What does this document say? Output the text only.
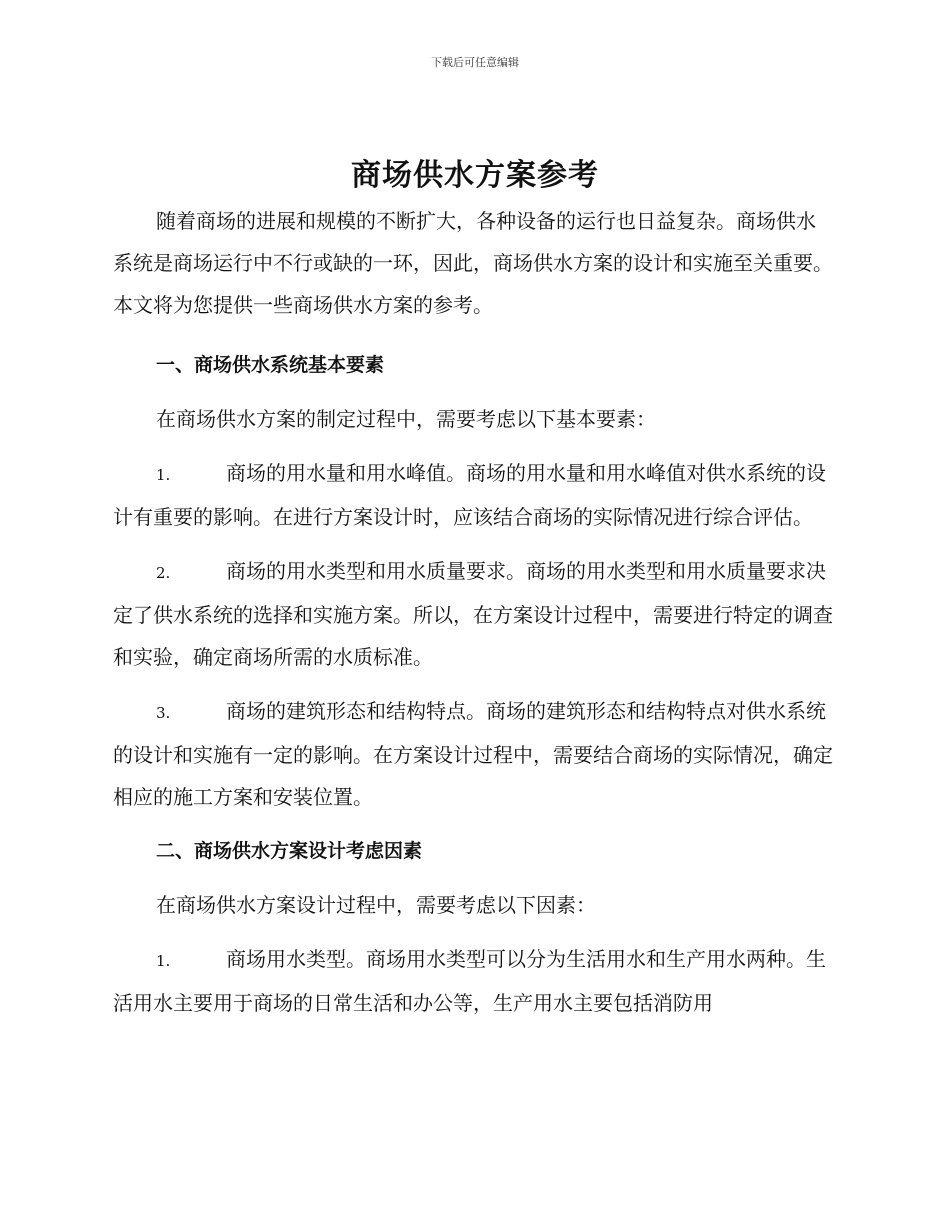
下载后可任意编辑
商场供水方案参考

随着商场的进展和规模的不断扩大，各种设备的运行也日益复杂。商场供水系统是商场运行中不行或缺的一环，因此，商场供水方案的设计和实施至关重要。本文将为您提供一些商场供水方案的参考。

一、商场供水系统基本要素

在商场供水方案的制定过程中，需要考虑以下基本要素：

1.	商场的用水量和用水峰值。商场的用水量和用水峰值对供水系统的设计有重要的影响。在进行方案设计时，应该结合商场的实际情况进行综合评估。

2.	商场的用水类型和用水质量要求。商场的用水类型和用水质量要求决定了供水系统的选择和实施方案。所以，在方案设计过程中，需要进行特定的调查和实验，确定商场所需的水质标准。

3.	商场的建筑形态和结构特点。商场的建筑形态和结构特点对供水系统的设计和实施有一定的影响。在方案设计过程中，需要结合商场的实际情况，确定相应的施工方案和安装位置。

二、商场供水方案设计考虑因素

在商场供水方案设计过程中，需要考虑以下因素：

1.	商场用水类型。商场用水类型可以分为生活用水和生产用水两种。生活用水主要用于商场的日常生活和办公等，生产用水主要包括消防用
